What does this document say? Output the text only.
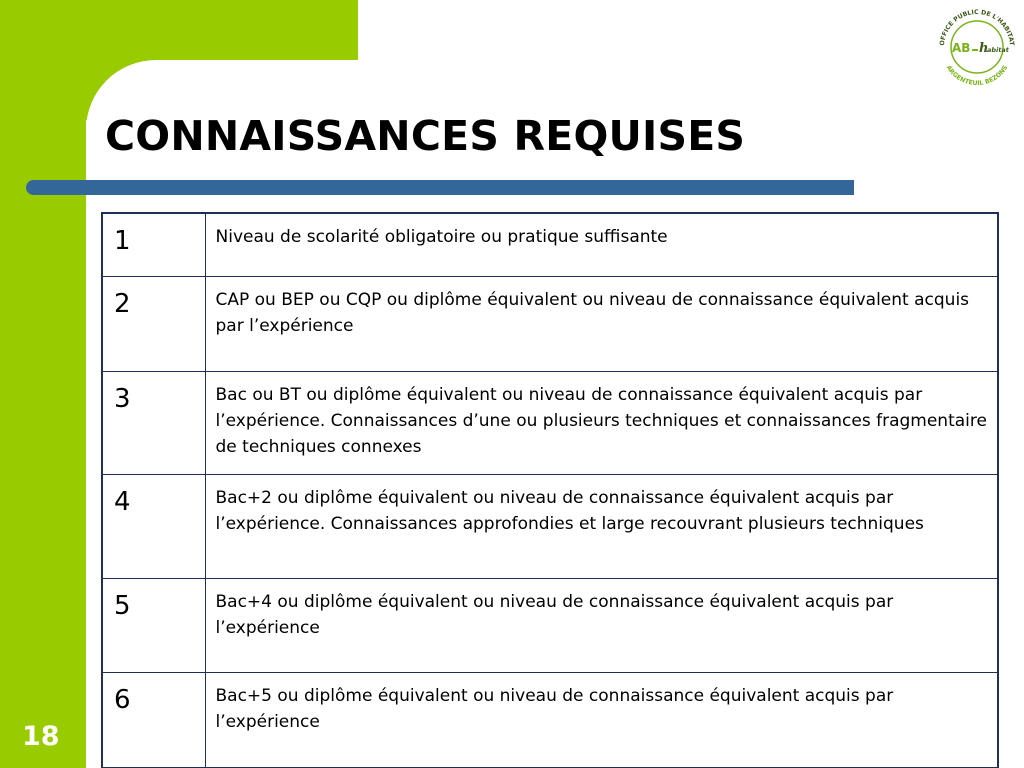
CONNAISSANCES REQUISES
OFFICE PUBLIC DE L'HABITAT
ARGENTEUIL BEZONS
AB h
abitat
1	Niveau de scolarité obligatoire ou pratique suffisante
2	CAP ou BEP ou CQP ou diplôme équivalent ou niveau de connaissance équivalent acquis par l’expérience
3	Bac ou BT ou diplôme équivalent ou niveau de connaissance équivalent acquis par l’expérience. Connaissances d’une ou plusieurs techniques et connaissances fragmentaire de techniques connexes
4	Bac+2 ou diplôme équivalent ou niveau de connaissance équivalent acquis par l’expérience. Connaissances approfondies et large recouvrant plusieurs techniques
5	Bac+4 ou diplôme équivalent ou niveau de connaissance équivalent acquis par l’expérience
6	Bac+5 ou diplôme équivalent ou niveau de connaissance équivalent acquis par l’expérience
18
